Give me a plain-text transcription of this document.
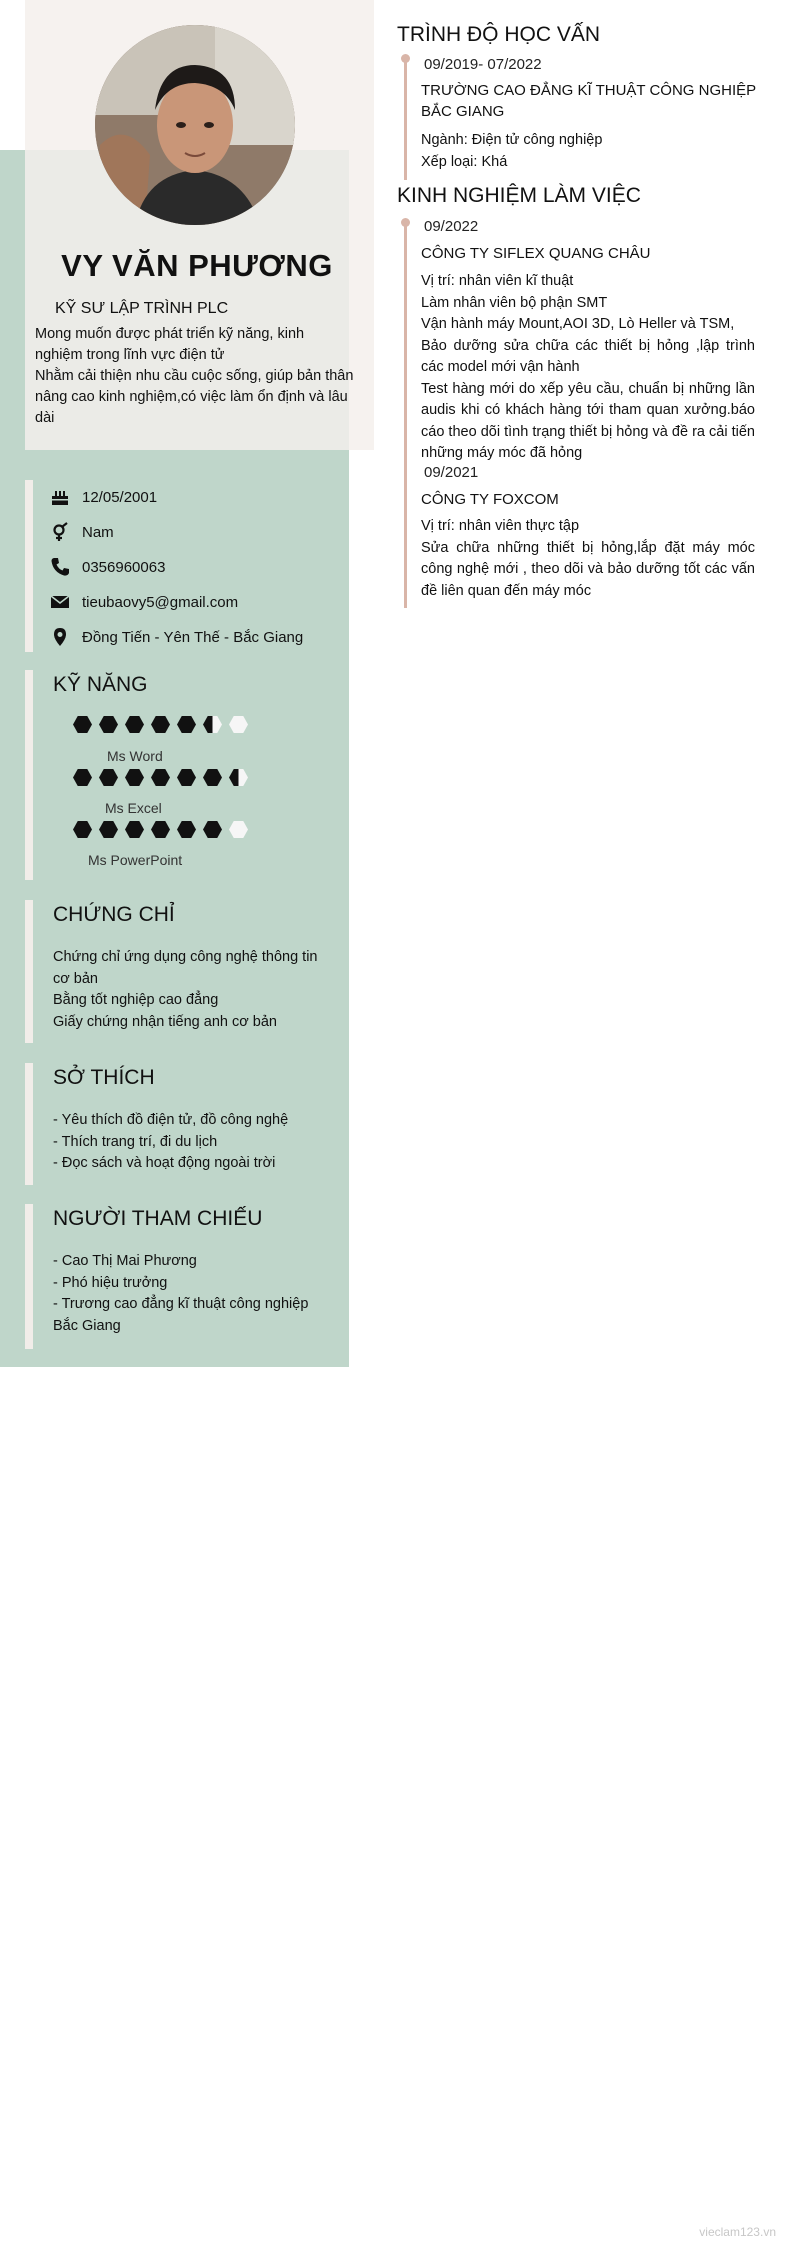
VY VĂN PHƯƠNG
KỸ SƯ LẬP TRÌNH PLC
Mong muốn được phát triển kỹ năng, kinh nghiệm trong lĩnh vực điện tử
Nhằm cải thiện nhu cầu cuộc sống, giúp bản thân nâng cao kinh nghiệm,có việc làm ổn định và lâu dài
12/05/2001
Nam
0356960063
tieubaovy5@gmail.com
Đồng Tiến - Yên Thế - Bắc Giang
KỸ NĂNG
Ms Word
Ms Excel
Ms PowerPoint
CHỨNG CHỈ
Chứng chỉ ứng dụng công nghệ thông tin cơ bản
Bằng tốt nghiệp cao đẳng
Giấy chứng nhận tiếng anh cơ bản
SỞ THÍCH
- Yêu thích đồ điện tử, đồ công nghệ
- Thích trang trí, đi du lịch
- Đọc sách và hoạt động ngoài trời
NGƯỜI THAM CHIẾU
- Cao Thị Mai Phương
- Phó hiệu trưởng
- Trương cao đẳng kĩ thuật công nghiệp Bắc Giang
TRÌNH ĐỘ HỌC VẤN
09/2019- 07/2022
TRƯỜNG CAO ĐẲNG KĨ THUẬT CÔNG NGHIỆP BẮC GIANG
Ngành: Điện tử công nghiệp
Xếp loại: Khá
KINH NGHIỆM LÀM VIỆC
09/2022
CÔNG TY SIFLEX QUANG CHÂU
Vị trí: nhân viên kĩ thuật
Làm nhân viên bộ phận SMT
Vận hành máy Mount,AOI 3D, Lò Heller và TSM,
Bảo dưỡng sửa chữa các thiết bị hỏng ,lập trình các model mới vận hành
Test hàng mới do xếp yêu cầu, chuẩn bị những lần audis khi có khách hàng tới tham quan xưởng.báo cáo theo dõi tình trạng thiết bị hỏng và đề ra cải tiến những máy móc đã hỏng
09/2021
CÔNG TY FOXCOM
Vị trí: nhân viên thực tập
Sửa chữa những thiết bị hỏng,lắp đặt máy móc công nghệ mới , theo dõi và bảo dưỡng tốt các vấn đề liên quan đến máy móc
vieclam123.vn
